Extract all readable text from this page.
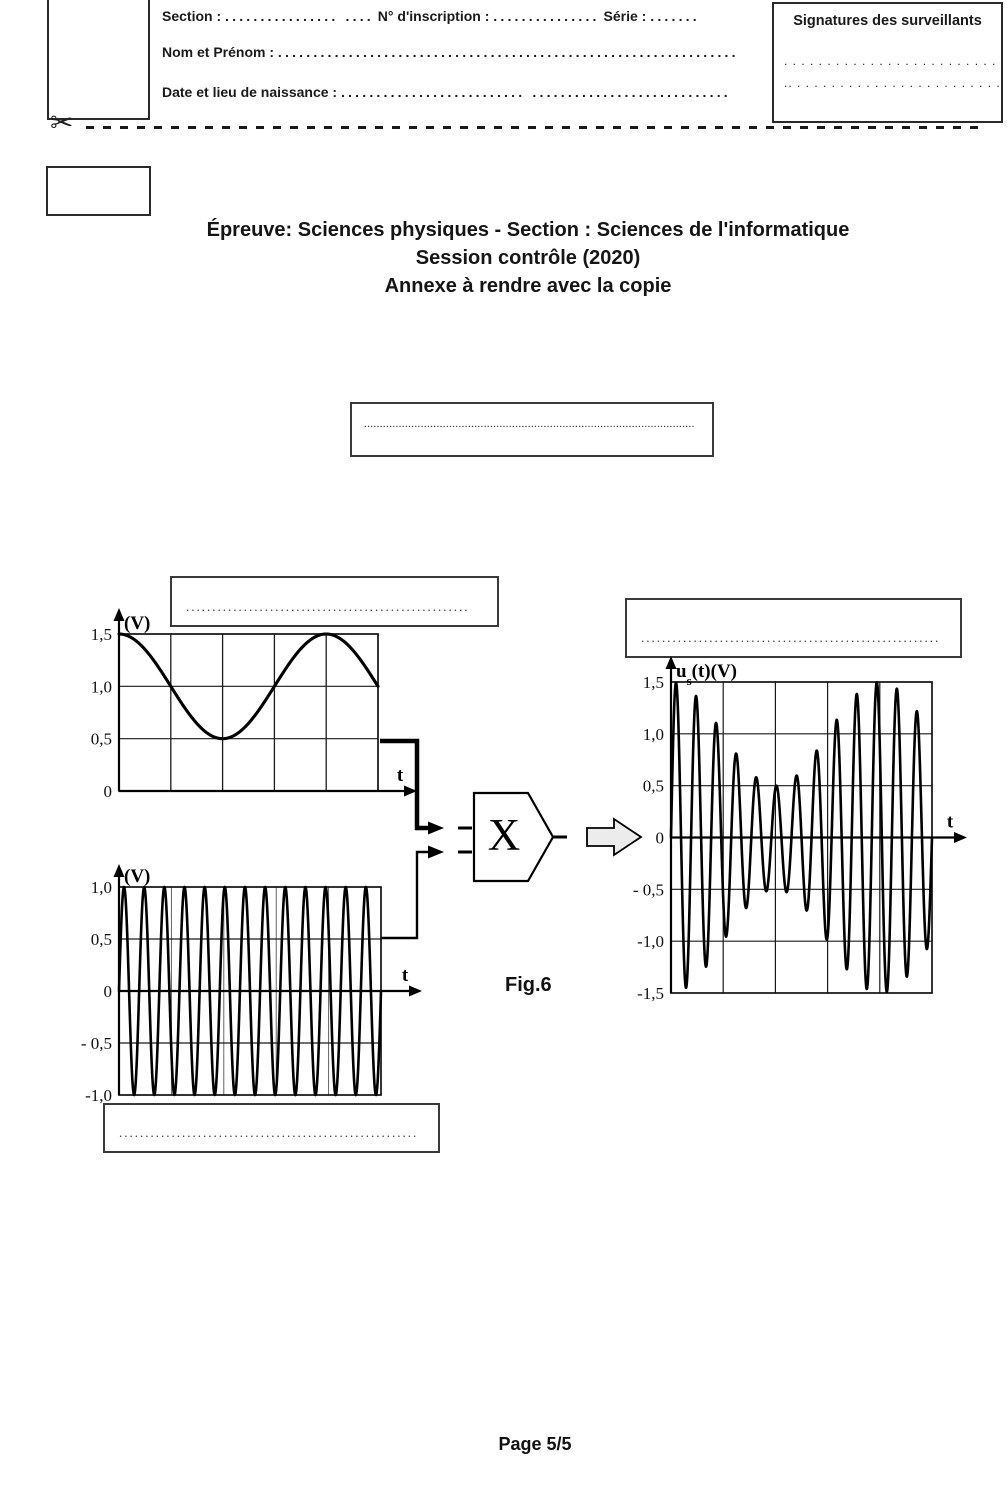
Section : ................ .... N° d'inscription : ............... Série : .......
Nom et Prénom : .................................................................
Date et lieu de naissance : .......................... ............................
Signatures des surveillants
. . . . . . . . . . . . . . . . . . . . . . . . . .
.. . . . . . . . . . . . . . . . . . . . . . . . .
✂
Épreuve: Sciences physiques - Section : Sciences de l'informatique
Session contrôle (2020)
Annexe à rendre avec la copie
.........................................................................................................
......................................................
.........................................................
.........................................................
1,5
1,0
0,5
0
t
(V)
1,0
0,5
0
- 0,5
-1,0
t
(V)
1,5
1,0
0,5
0
- 0,5
-1,0
-1,5
t
$u_s(t)(V)$
X
Fig.6
Page 5/5
